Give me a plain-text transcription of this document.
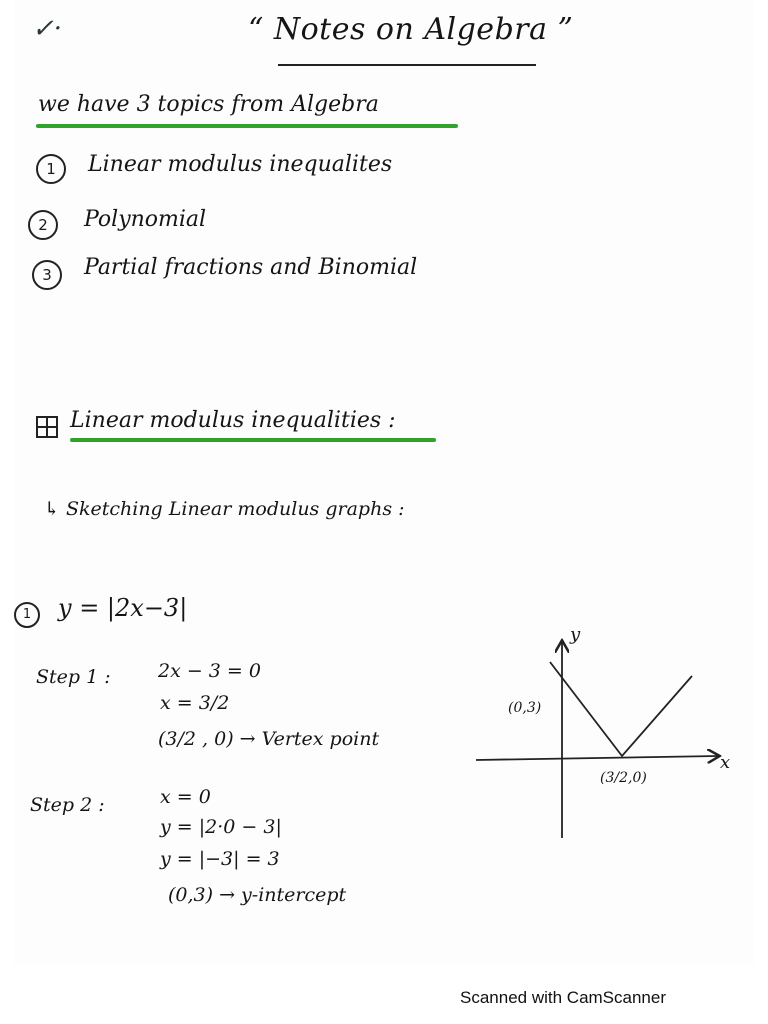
✓·	“ Notes on Algebra ”
we have 3 topics from Algebra
1	Linear modulus inequalites
2	Polynomial
3	Partial fractions and Binomial
Linear modulus inequalities :
↳ Sketching Linear modulus graphs :
1	y = |2x−3|
Step 1 : 2x − 3 = 0
x = 3/2
(3/2 , 0) → Vertex point
Step 2 :	x = 0
y = |2·0 − 3|
y = |−3| = 3
(0,3) → y-intercept
y
x
(0,3)
(3/2,0)
Scanned with CamScanner
